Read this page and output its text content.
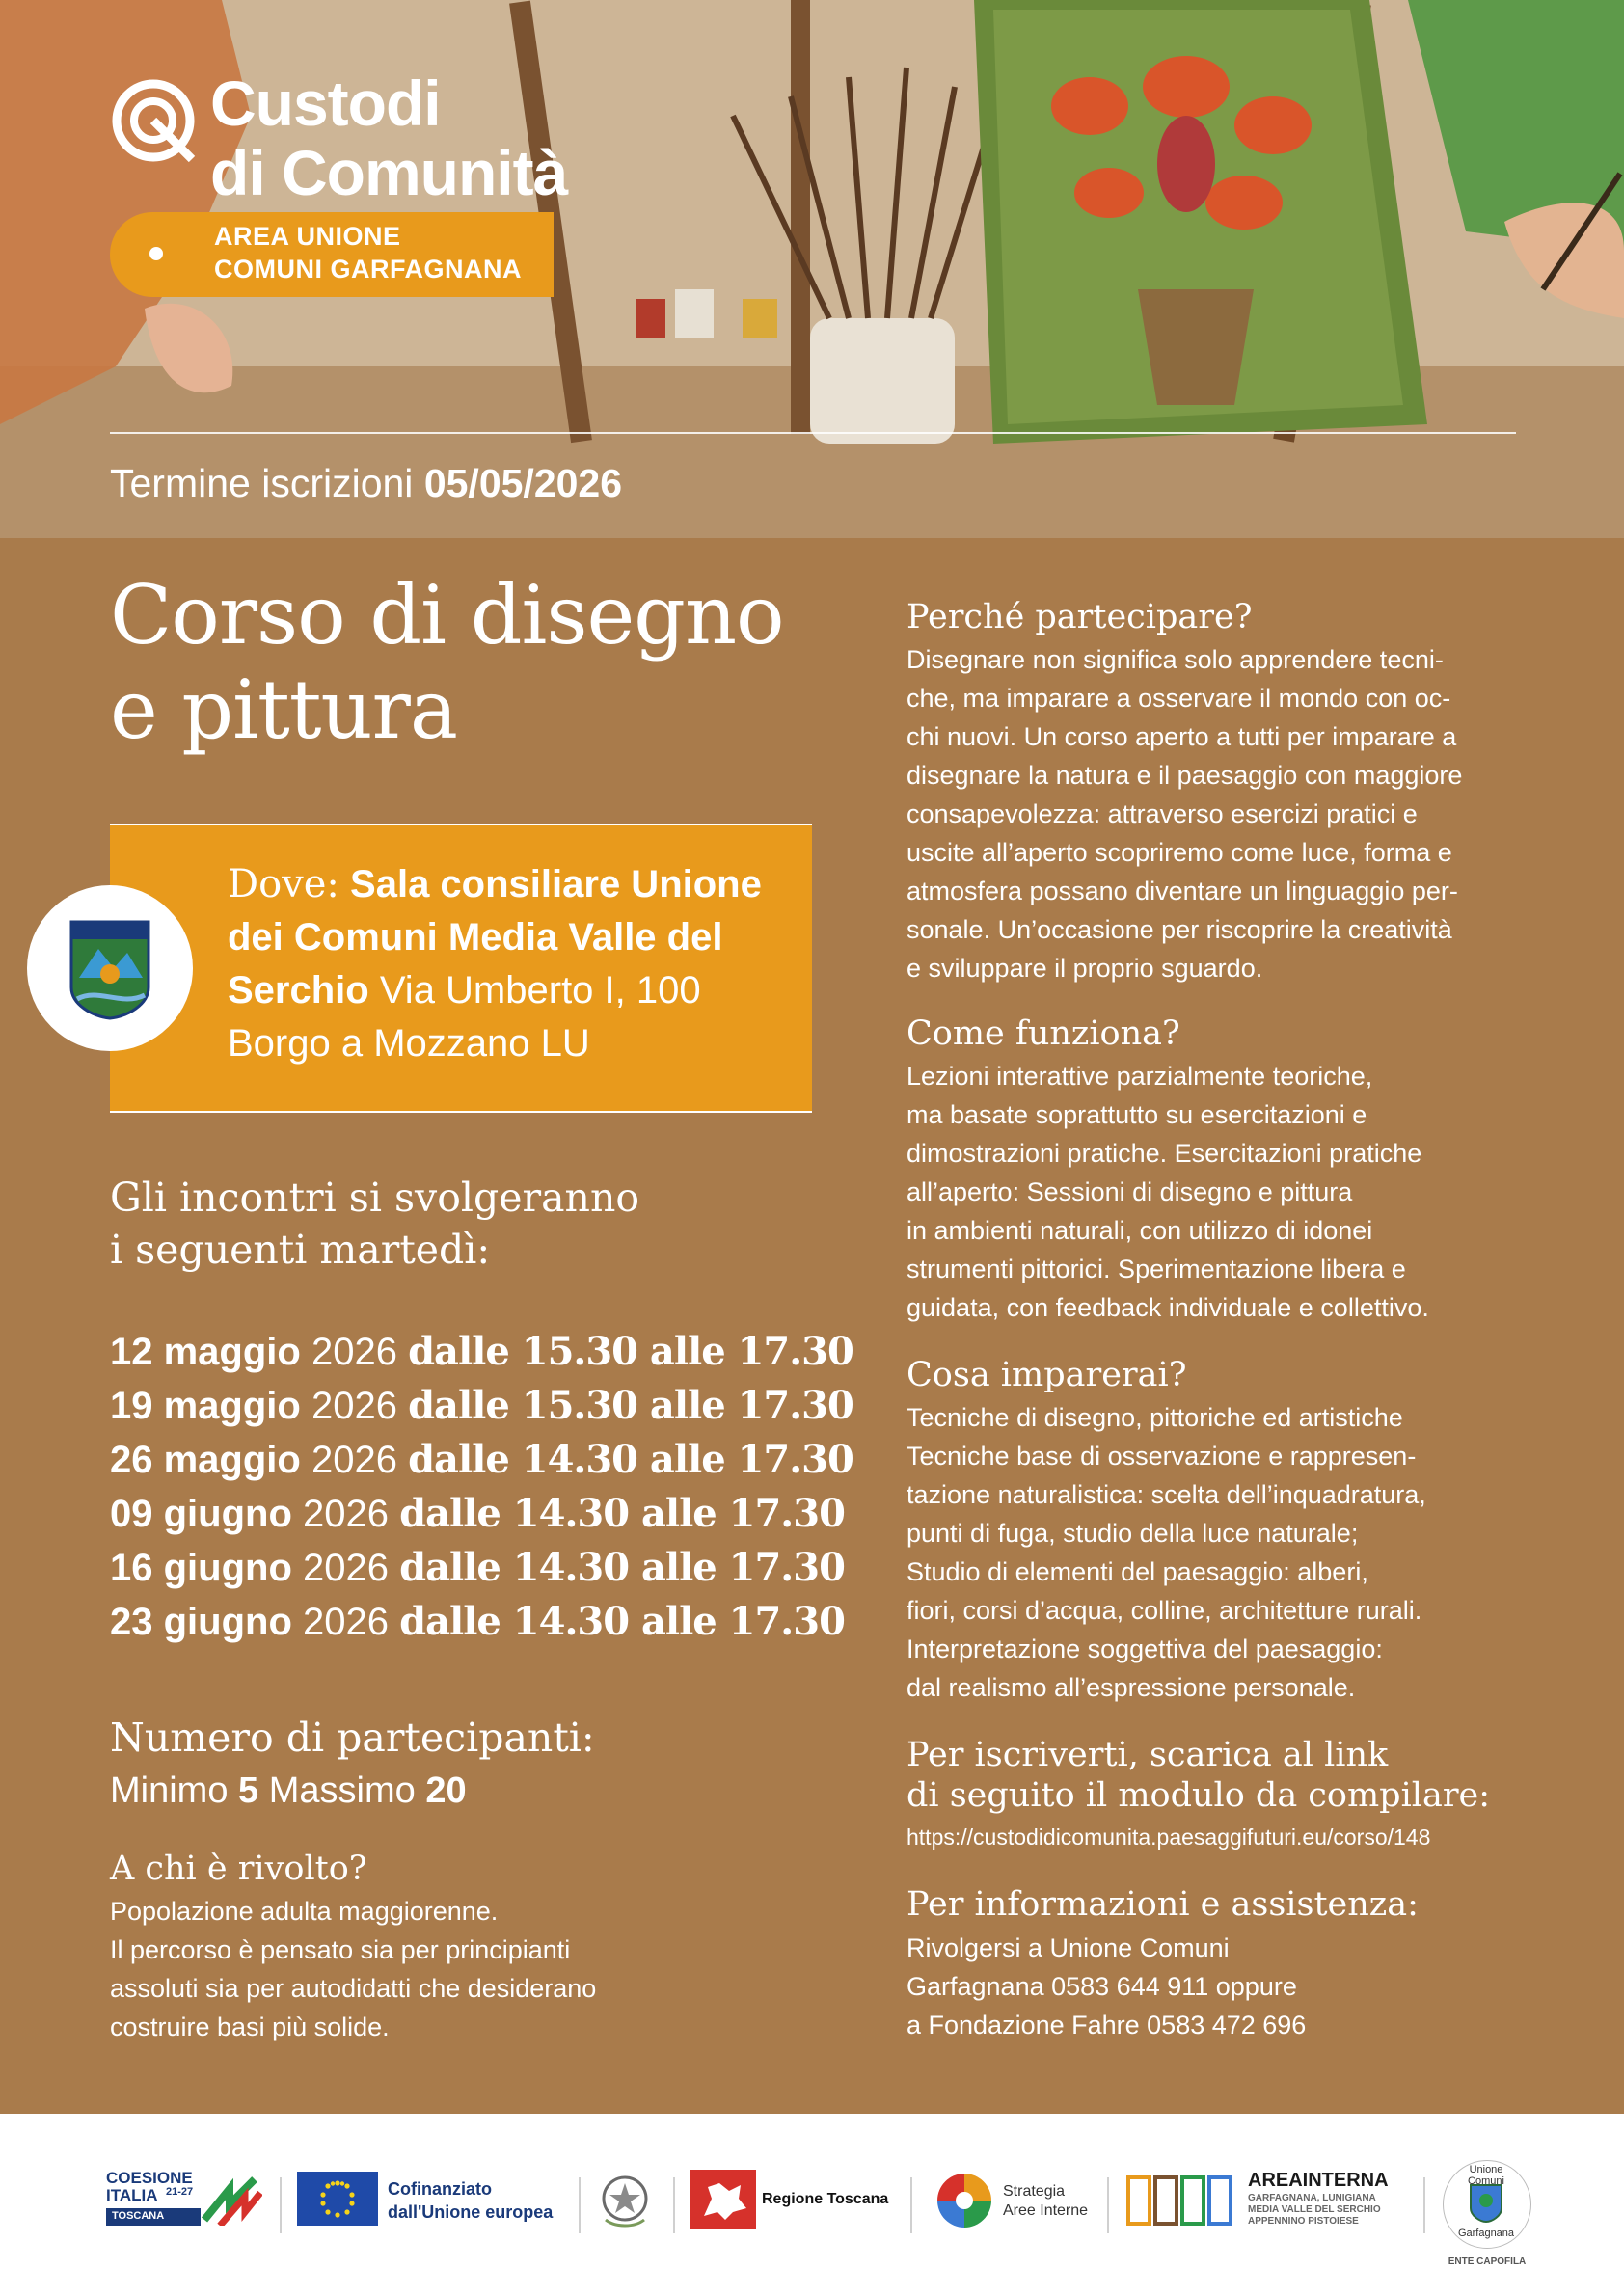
Custodi
di Comunità
AREA UNIONE
COMUNI GARFAGNANA
Termine iscrizioni 05/05/2026
Corso di disegno
e pittura
Dove: Sala consiliare Unione
dei Comuni Media Valle del
Serchio Via Umberto I, 100
Borgo a Mozzano LU
Gli incontri si svolgeranno
i seguenti martedì:
12 maggio 2026 dalle 15.30 alle 17.30
19 maggio 2026 dalle 15.30 alle 17.30
26 maggio 2026 dalle 14.30 alle 17.30
09 giugno 2026 dalle 14.30 alle 17.30
16 giugno 2026 dalle 14.30 alle 17.30
23 giugno 2026 dalle 14.30 alle 17.30
Numero di partecipanti:
Minimo 5 Massimo 20
A chi è rivolto?
Popolazione adulta maggiorenne.
Il percorso è pensato sia per principianti
assoluti sia per autodidatti che desiderano
costruire basi più solide.
Perché partecipare?
Disegnare non significa solo apprendere tecni-
che, ma imparare a osservare il mondo con oc-
chi nuovi. Un corso aperto a tutti per imparare a
disegnare la natura e il paesaggio con maggiore
consapevolezza: attraverso esercizi pratici e
uscite all’aperto scopriremo come luce, forma e
atmosfera possano diventare un linguaggio per-
sonale. Un’occasione per riscoprire la creatività
e sviluppare il proprio sguardo.
Come funziona?
Lezioni interattive parzialmente teoriche,
ma basate soprattutto su esercitazioni e
dimostrazioni pratiche. Esercitazioni pratiche
all’aperto: Sessioni di disegno e pittura
in ambienti naturali, con utilizzo di idonei
strumenti pittorici. Sperimentazione libera e
guidata, con feedback individuale e collettivo.
Cosa imparerai?
Tecniche di disegno, pittoriche ed artistiche
Tecniche base di osservazione e rappresen-
tazione naturalistica: scelta dell’inquadratura,
punti di fuga, studio della luce naturale;
Studio di elementi del paesaggio: alberi,
fiori, corsi d’acqua, colline, architetture rurali.
Interpretazione soggettiva del paesaggio:
dal realismo all’espressione personale.
Per iscriverti, scarica al link
di seguito il modulo da compilare:
https://custodidicomunita.paesaggifuturi.eu/corso/148
Per informazioni e assistenza:
Rivolgersi a Unione Comuni
Garfagnana 0583 644 911 oppure
a Fondazione Fahre 0583 472 696
COESIONE
ITALIA 21-27
TOSCANA
Cofinanziato
dall'Unione europea
Regione Toscana	Strategia
Aree Interne
AREAINTERNA
GARFAGNANA, LUNIGIANA
MEDIA VALLE DEL SERCHIO
APPENNINO PISTOIESE
Unione Comuni
Garfagnana
ENTE CAPOFILA
